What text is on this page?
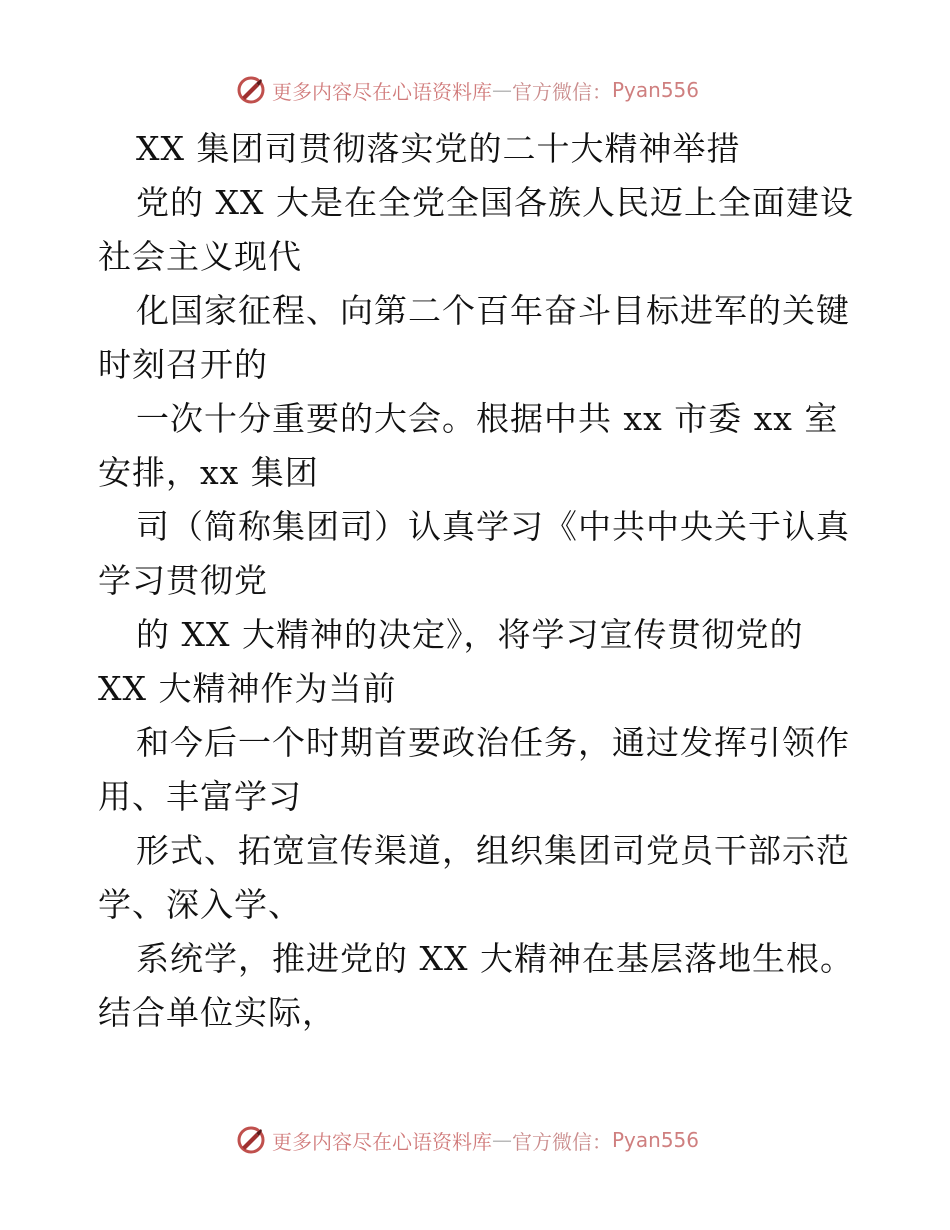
更多内容尽在心语资料库 — 官方微信： Pyan556
XX 集团司贯彻落实党的二十大精神举措
党的 XX 大是在全党全国各族人民迈上全面建设
社会主义现代
化国家征程、向第二个百年奋斗目标进军的关键
时刻召开的
一次十分重要的大会。根据中共 xx 市委 xx 室
安排，xx 集团
司（简称集团司）认真学习《中共中央关于认真
学习贯彻党
的 XX 大精神的决定》，将学习宣传贯彻党的
XX 大精神作为当前
和今后一个时期首要政治任务，通过发挥引领作
用、丰富学习
形式、拓宽宣传渠道，组织集团司党员干部示范
学、深入学、
系统学，推进党的 XX 大精神在基层落地生根。
结合单位实际，
更多内容尽在心语资料库 — 官方微信： Pyan556
